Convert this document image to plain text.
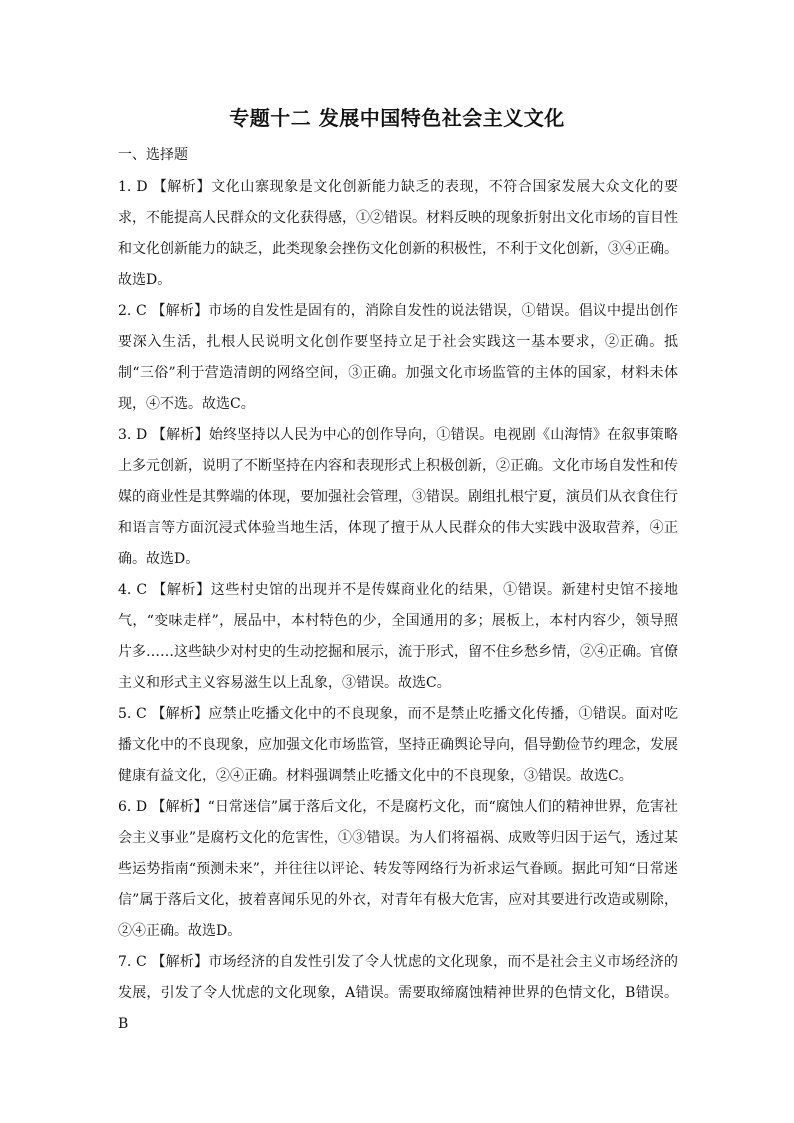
专题十二 发展中国特色社会主义文化

一、选择题

1. D 【解析】文化山寨现象是文化创新能力缺乏的表现，不符合国家发展大众文化的要求，不能提高人民群众的文化获得感，①②错误。材料反映的现象折射出文化市场的盲目性和文化创新能力的缺乏，此类现象会挫伤文化创新的积极性，不利于文化创新，③④正确。故选D。

2. C 【解析】市场的自发性是固有的，消除自发性的说法错误，①错误。倡议中提出创作要深入生活，扎根人民说明文化创作要坚持立足于社会实践这一基本要求，②正确。抵制“三俗”利于营造清朗的网络空间，③正确。加强文化市场监管的主体的国家，材料未体现，④不选。故选C。

3. D 【解析】始终坚持以人民为中心的创作导向，①错误。电视剧《山海情》在叙事策略上多元创新，说明了不断坚持在内容和表现形式上积极创新，②正确。文化市场自发性和传媒的商业性是其弊端的体现，要加强社会管理，③错误。剧组扎根宁夏，演员们从衣食住行和语言等方面沉浸式体验当地生活，体现了擅于从人民群众的伟大实践中汲取营养，④正确。故选D。

4. C 【解析】这些村史馆的出现并不是传媒商业化的结果，①错误。新建村史馆不接地气，“变味走样”，展品中，本村特色的少，全国通用的多；展板上，本村内容少，领导照片多……这些缺少对村史的生动挖掘和展示，流于形式，留不住乡愁乡情，②④正确。官僚主义和形式主义容易滋生以上乱象，③错误。故选C。

5. C 【解析】应禁止吃播文化中的不良现象，而不是禁止吃播文化传播，①错误。面对吃播文化中的不良现象，应加强文化市场监管，坚持正确舆论导向，倡导勤俭节约理念，发展健康有益文化，②④正确。材料强调禁止吃播文化中的不良现象，③错误。故选C。

6. D 【解析】“日常迷信”属于落后文化，不是腐朽文化，而“腐蚀人们的精神世界，危害社会主义事业”是腐朽文化的危害性，①③错误。为人们将福祸、成败等归因于运气，透过某些运势指南“预测未来”，并往往以评论、转发等网络行为祈求运气眷顾。据此可知“日常迷信”属于落后文化，披着喜闻乐见的外衣，对青年有极大危害，应对其要进行改造或剔除，②④正确。故选D。

7. C 【解析】市场经济的自发性引发了令人忧虑的文化现象，而不是社会主义市场经济的发展，引发了令人忧虑的文化现象，A错误。需要取缔腐蚀精神世界的色情文化，B错误。B
